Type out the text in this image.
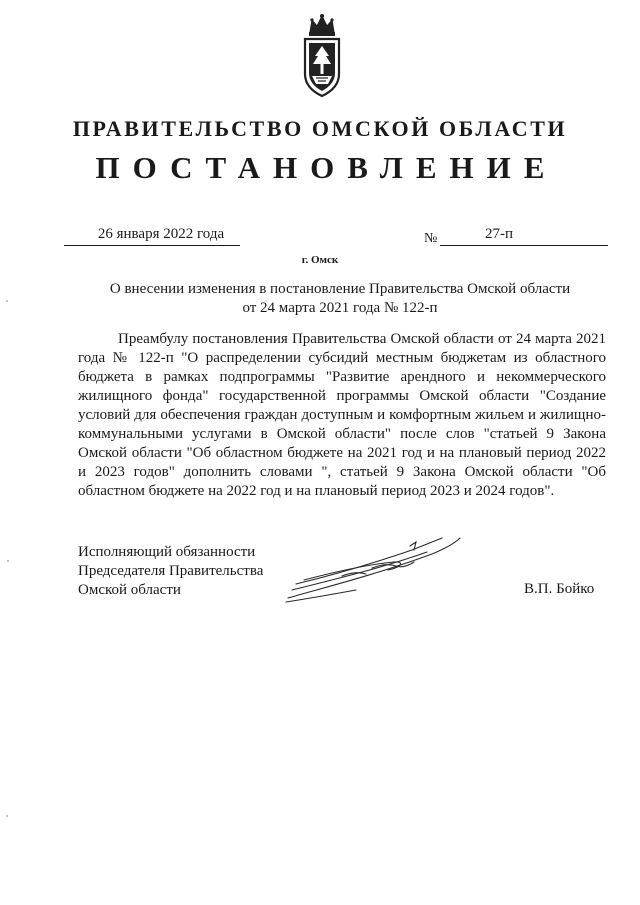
ПРАВИТЕЛЬСТВО ОМСКОЙ ОБЛАСТИ
ПОСТАНОВЛЕНИЕ
26 января 2022 года	№	27-п
г. Омск
О внесении изменения в постановление Правительства Омской области
от 24 марта 2021 года № 122-п

Преамбулу постановления Правительства Омской области от 24 марта 2021 года № 122-п "О распределении субсидий местным бюджетам из областного бюджета в рамках подпрограммы "Развитие арендного и некоммерческого жилищного фонда" государственной программы Омской области "Создание условий для обеспечения граждан доступным и комфортным жильем и жилищно-коммунальными услугами в Омской области" после слов "статьей 9 Закона Омской области "Об областном бюджете на 2021 год и на плановый период 2022 и 2023 годов" дополнить словами ", статьей 9 Закона Омской области "Об областном бюджете на 2022 год и на плановый период 2023 и 2024 годов".

Исполняющий обязанности
Председателя Правительства
Омской области	В.П. Бойко
